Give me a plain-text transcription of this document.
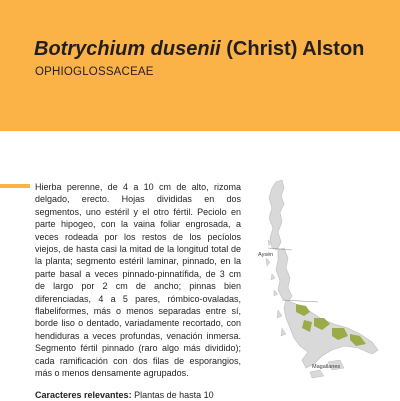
Botrychium dusenii (Christ) Alston
OPHIOGLOSSACEAE

Hierba perenne, de 4 a 10 cm de alto, rizoma delgado, erecto. Hojas divididas en dos segmentos, uno estéril y el otro fértil. Peciolo en parte hipogeo, con la vaina foliar engrosada, a veces rodeada por los restos de los pecíolos viejos, de hasta casi la mitad de la longitud total de la planta; segmento estéril laminar, pinnado, en la parte basal a veces pinnado-pinnatífida, de 3 cm de largo por 2 cm de ancho; pinnas bien diferenciadas, 4 a 5 pares, rómbico-ovaladas, flabeliformes, más o menos separadas entre sí, borde liso o dentado, variadamente recortado, con hendiduras a veces profundas, venación inmersa. Segmento fértil pinnado (raro algo más dividido); cada ramificación con dos filas de esporangios, más o menos densamente agrupados.

Caracteres relevantes: Plantas de hasta 10

Aysén
Magallanes
